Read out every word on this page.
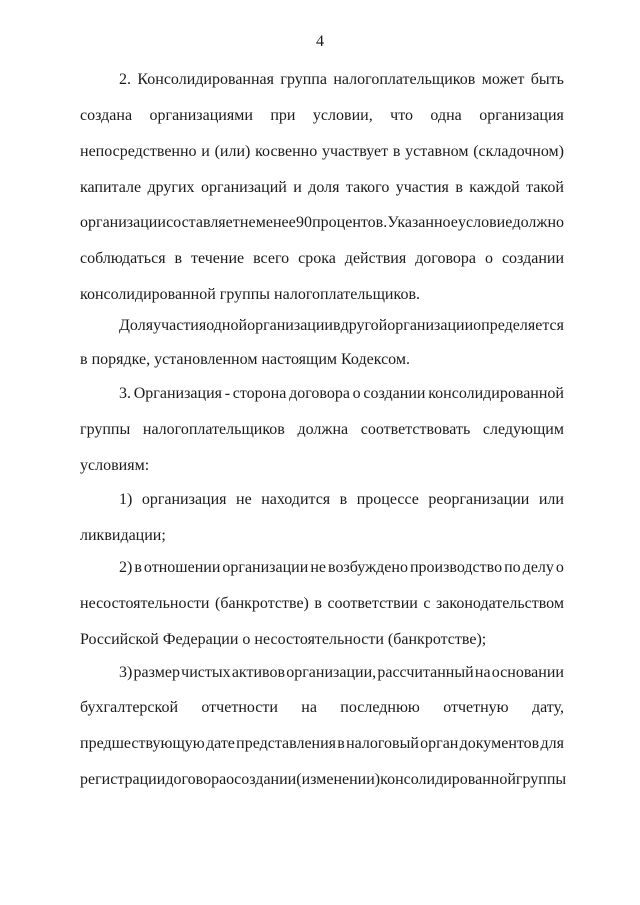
4
2. Консолидированная группа налогоплательщиков может быть
создана организациями при условии, что одна организация
непосредственно и (или) косвенно участвует в уставном (складочном)
капитале других организаций и доля такого участия в каждой такой
организации составляет не менее 90 процентов. Указанное условие должно
соблюдаться в течение всего срока действия договора о создании
консолидированной группы налогоплательщиков.
Доля участия одной организации в другой организации определяется
в порядке, установленном настоящим Кодексом.
3. Организация - сторона договора о создании консолидированной
группы налогоплательщиков должна соответствовать следующим
условиям:
1) организация не находится в процессе реорганизации или
ликвидации;
2) в отношении организации не возбуждено производство по делу о
несостоятельности (банкротстве) в соответствии с законодательством
Российской Федерации о несостоятельности (банкротстве);
3) размер чистых активов организации, рассчитанный на основании
бухгалтерской отчетности на последнюю отчетную дату,
предшествующую дате представления в налоговый орган документов для
регистрации договора о создании (изменении) консолидированной группы
